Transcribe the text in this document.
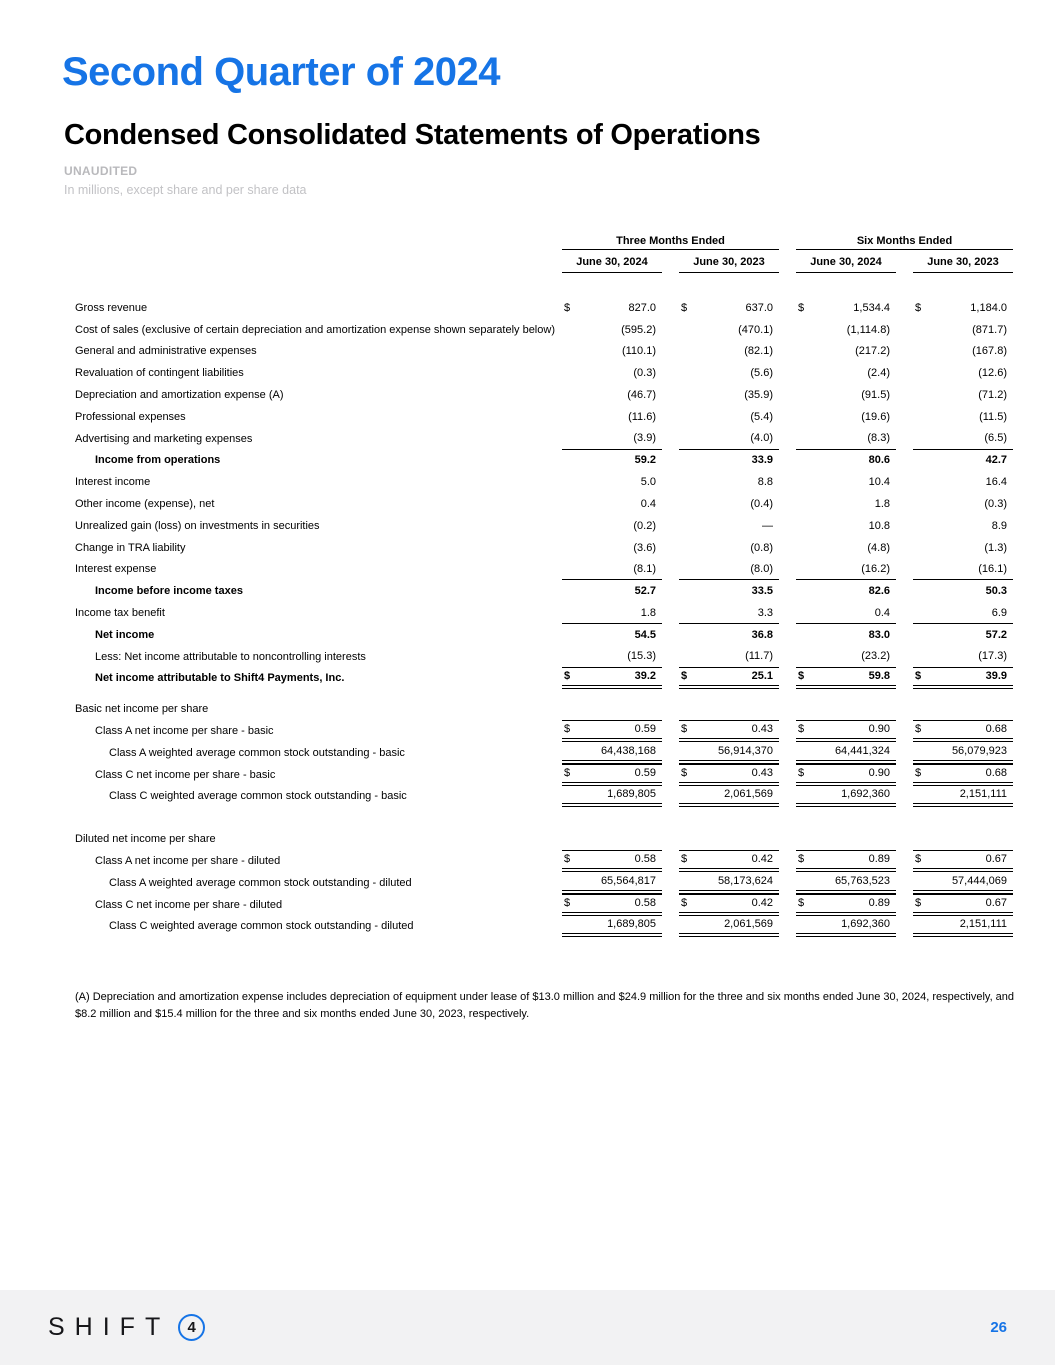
Second Quarter of 2024
Condensed Consolidated Statements of Operations
UNAUDITED
In millions, except share and per share data
Three Months Ended	Six Months Ended
June 30, 2024	June 30, 2023	June 30, 2024	June 30, 2023
Gross revenue	$	827.0 $	637.0 $	1,534.4 $	1,184.0
Cost of sales (exclusive of certain depreciation and amortization expense shown separately below)	(595.2)	(470.1)	(1,114.8)	(871.7)
General and administrative expenses	(110.1)	(82.1)	(217.2)	(167.8)
Revaluation of contingent liabilities	(0.3)	(5.6)	(2.4)	(12.6)
Depreciation and amortization expense (A)	(46.7)	(35.9)	(91.5)	(71.2)
Professional expenses	(11.6)	(5.4)	(19.6)	(11.5)
Advertising and marketing expenses	(3.9)	(4.0)	(8.3)	(6.5)
Income from operations	59.2	33.9	80.6	42.7
Interest income	5.0	8.8	10.4	16.4
Other income (expense), net	0.4	(0.4)	1.8	(0.3)
Unrealized gain (loss) on investments in securities	(0.2)	—	10.8	8.9
Change in TRA liability	(3.6)	(0.8)	(4.8)	(1.3)
Interest expense	(8.1)	(8.0)	(16.2)	(16.1)
Income before income taxes	52.7	33.5	82.6	50.3
Income tax benefit	1.8	3.3	0.4	6.9
Net income	54.5	36.8	83.0	57.2
Less: Net income attributable to noncontrolling interests	(15.3)	(11.7)	(23.2)	(17.3)
Net income attributable to Shift4 Payments, Inc.	$	39.2 $	25.1 $	59.8 $	39.9
Basic net income per share
Class A net income per share - basic	$	0.59 $	0.43 $	0.90 $	0.68
Class A weighted average common stock outstanding - basic	64,438,168	56,914,370	64,441,324	56,079,923
Class C net income per share - basic	$	0.59 $	0.43 $	0.90 $	0.68
Class C weighted average common stock outstanding - basic	1,689,805	2,061,569	1,692,360	2,151,111
Diluted net income per share
Class A net income per share - diluted	$	0.58 $	0.42 $	0.89 $	0.67
Class A weighted average common stock outstanding - diluted	65,564,817	58,173,624	65,763,523	57,444,069
Class C net income per share - diluted	$	0.58 $	0.42 $	0.89 $	0.67
Class C weighted average common stock outstanding - diluted	1,689,805	2,061,569	1,692,360	2,151,111
(A) Depreciation and amortization expense includes depreciation of equipment under lease of $13.0 million and $24.9 million for the three and six months ended June 30, 2024, respectively, and $8.2 million and $15.4 million for the three and six months ended June 30, 2023, respectively.
SHIFT	4	26
